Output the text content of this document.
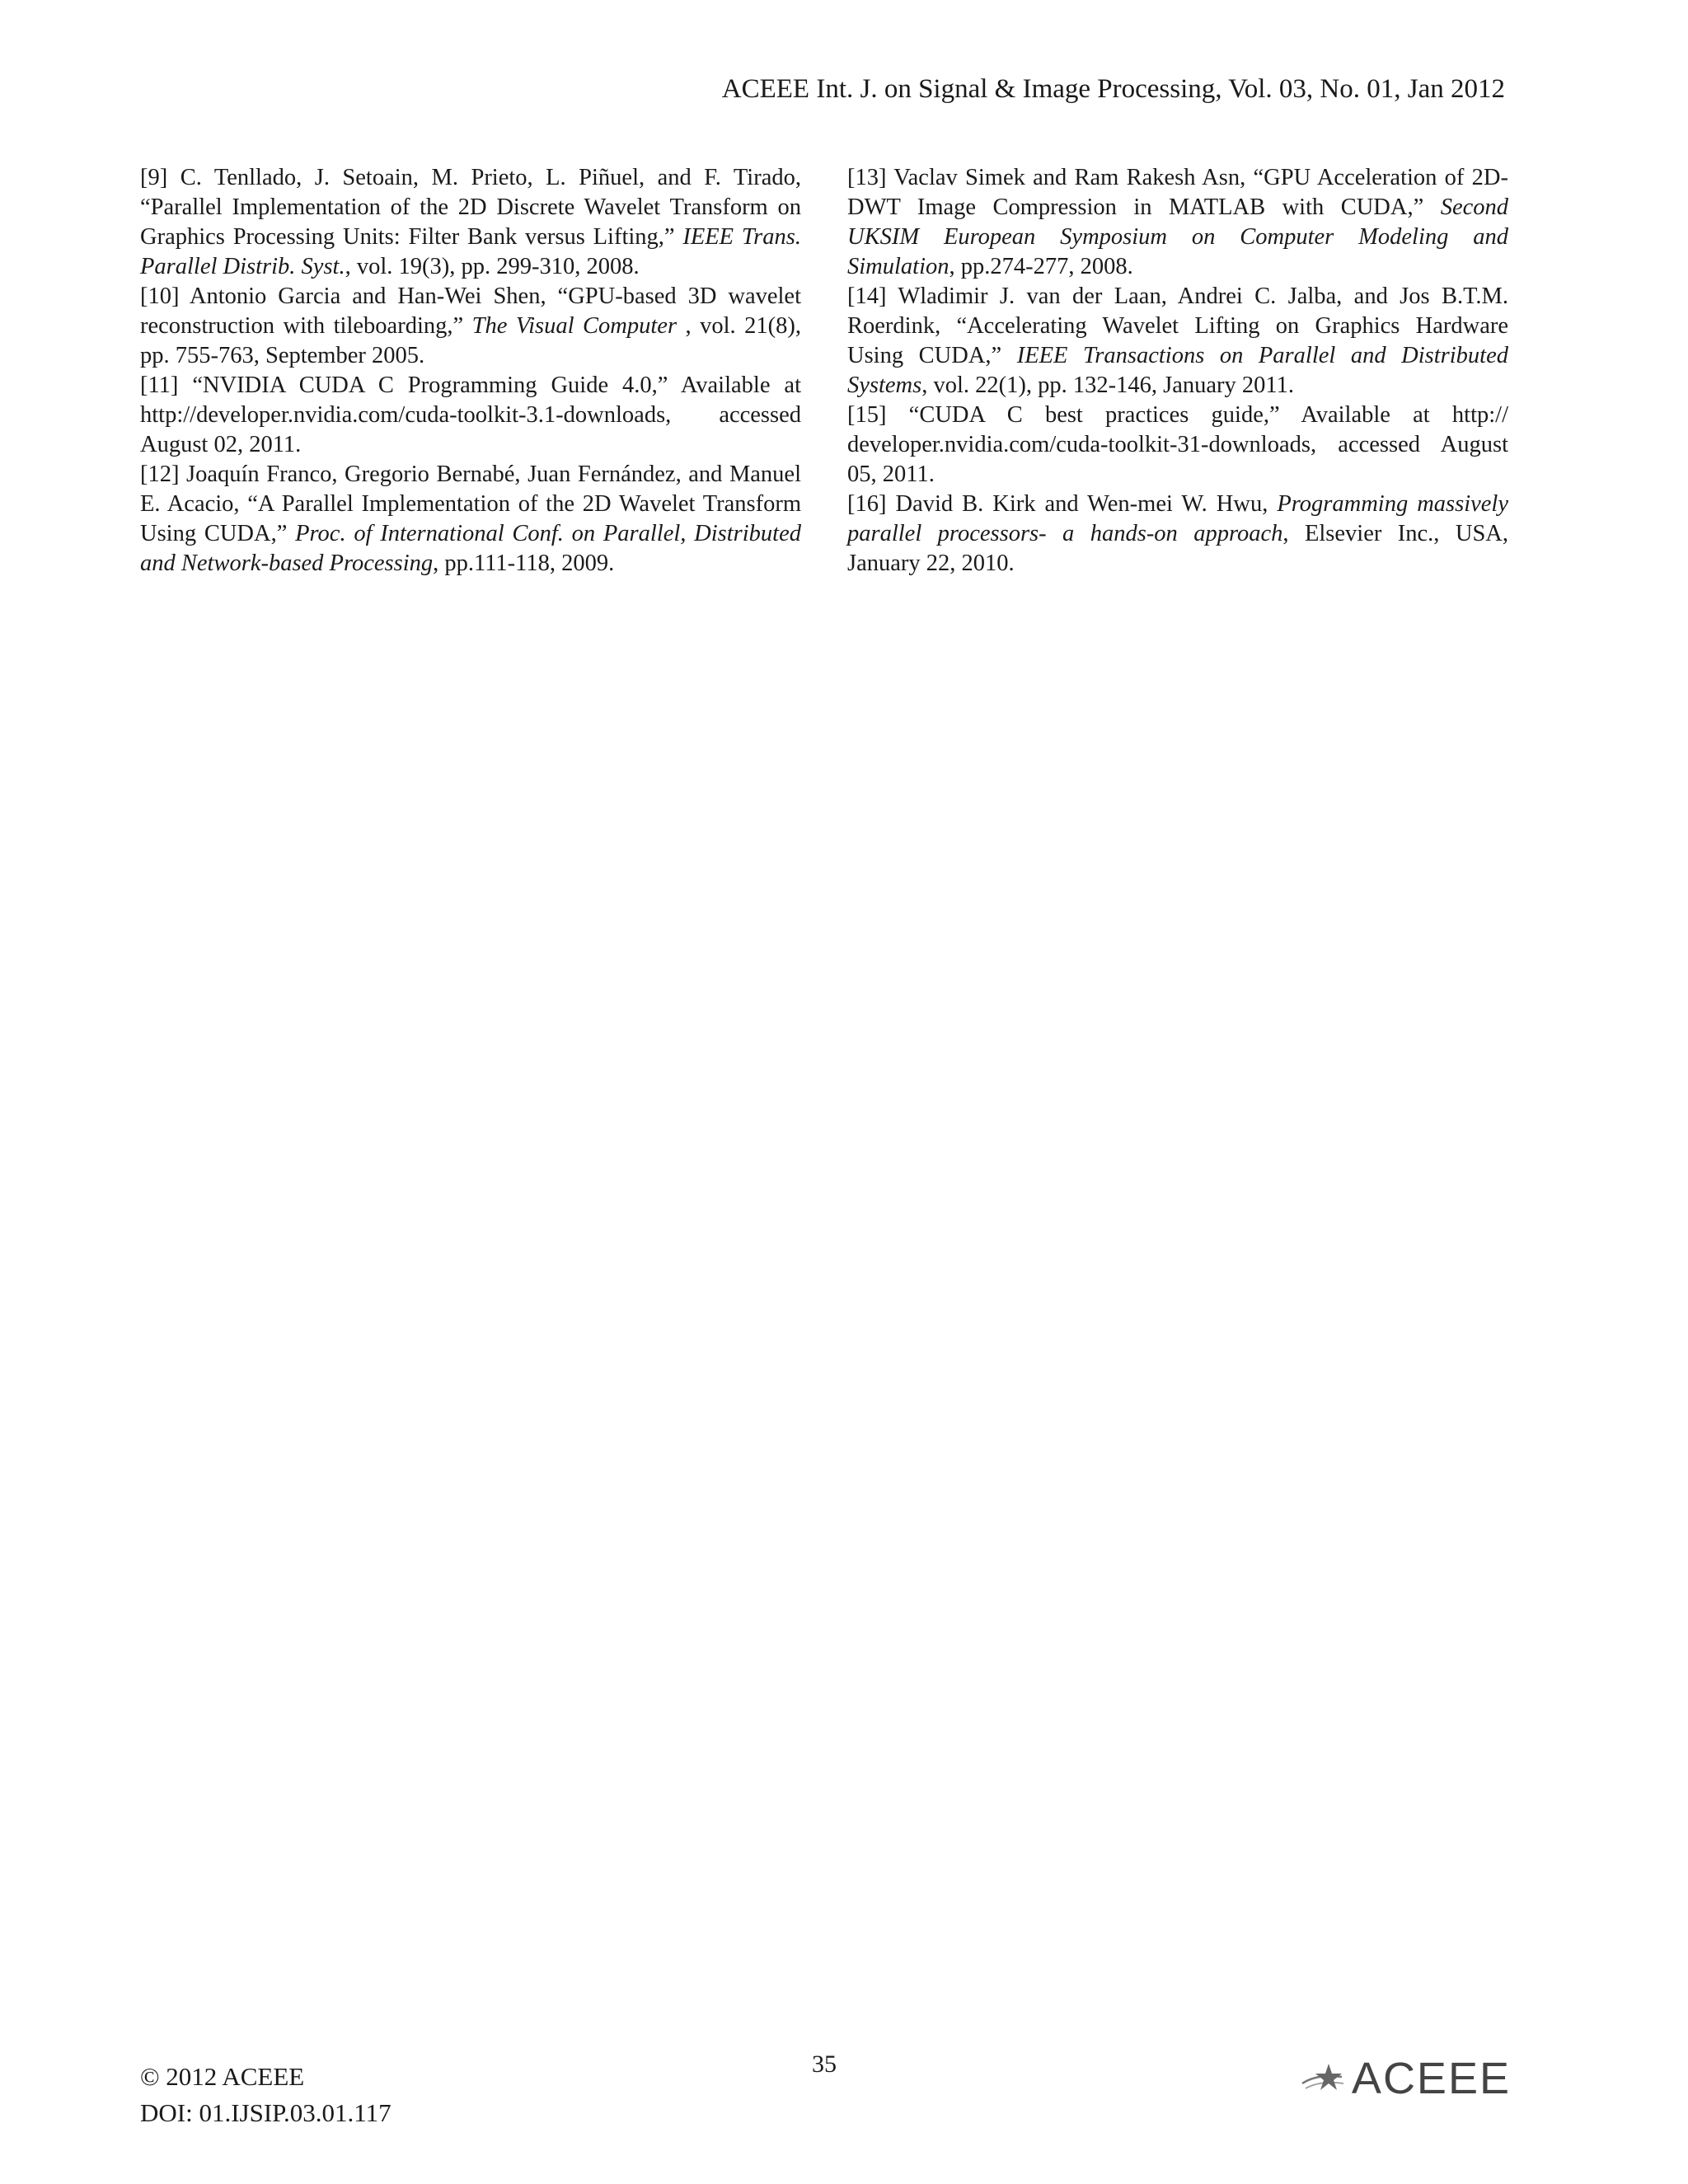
ACEEE Int. J. on Signal & Image Processing, Vol. 03, No. 01, Jan 2012

[9] C. Tenllado, J. Setoain, M. Prieto, L. Piñuel, and F. Tirado, “Parallel Implementation of the 2D Discrete Wavelet Transform on Graphics Processing Units: Filter Bank versus Lifting,” IEEE Trans. Parallel Distrib. Syst., vol. 19(3), pp. 299-310, 2008.

[10] Antonio Garcia and Han-Wei Shen, “GPU-based 3D wavelet reconstruction with tileboarding,” The Visual Computer , vol. 21(8), pp. 755-763, September 2005.

[11] “NVIDIA CUDA C Programming Guide 4.0,” Available at http://developer.nvidia.com/cuda-toolkit-3.1-downloads, accessed August 02, 2011.

[12] Joaquín Franco, Gregorio Bernabé, Juan Fernández, and Manuel E. Acacio, “A Parallel Implementation of the 2D Wavelet Transform Using CUDA,” Proc. of International Conf. on Parallel, Distributed and Network-based Processing, pp.111-118, 2009.

[13] Vaclav Simek and Ram Rakesh Asn, “GPU Acceleration of 2D-DWT Image Compression in MATLAB with CUDA,” Second UKSIM European Symposium on Computer Modeling and Simulation, pp.274-277, 2008.

[14] Wladimir J. van der Laan, Andrei C. Jalba, and Jos B.T.M. Roerdink, “Accelerating Wavelet Lifting on Graphics Hardware Using CUDA,” IEEE Transactions on Parallel and Distributed Systems, vol. 22(1), pp. 132-146, January 2011.

[15] “CUDA C best practices guide,” Available at http:// developer.nvidia.com/cuda-toolkit-31-downloads, accessed August 05, 2011.

[16] David B. Kirk and Wen-mei W. Hwu, Programming massively parallel processors- a hands-on approach, Elsevier Inc., USA, January 22, 2010.

35
© 2012 ACEEE
DOI: 01.IJSIP.03.01.117
ACEEE
